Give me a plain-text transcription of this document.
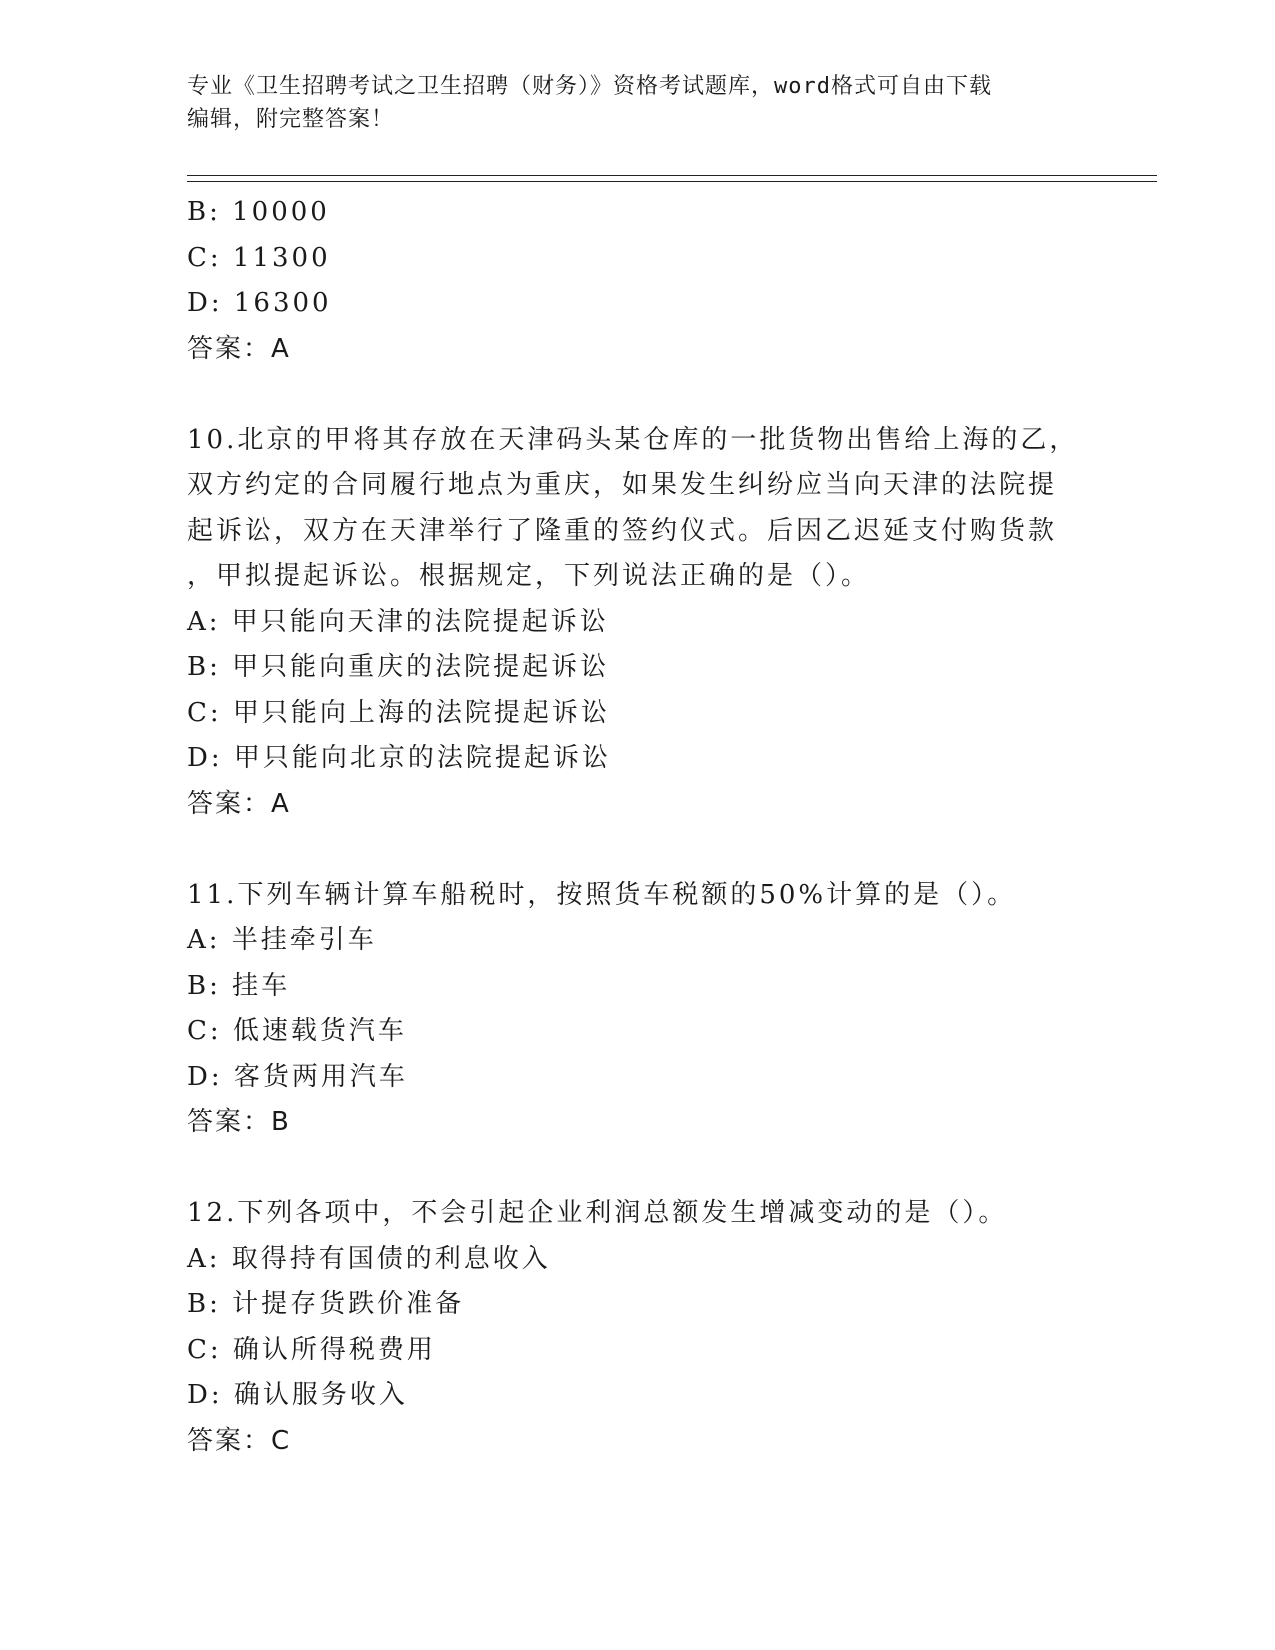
专业《卫生招聘考试之卫生招聘（财务）》资格考试题库，word格式可自由下载
编辑，附完整答案！
B: 10000
C: 11300
D: 16300
答案：A
10.北京的甲将其存放在天津码头某仓库的一批货物出售给上海的乙，
双方约定的合同履行地点为重庆，如果发生纠纷应当向天津的法院提
起诉讼，双方在天津举行了隆重的签约仪式。后因乙迟延支付购货款
，甲拟提起诉讼。根据规定，下列说法正确的是（）。
A: 甲只能向天津的法院提起诉讼
B: 甲只能向重庆的法院提起诉讼
C: 甲只能向上海的法院提起诉讼
D: 甲只能向北京的法院提起诉讼
答案：A
11.下列车辆计算车船税时，按照货车税额的50%计算的是（）。
A: 半挂牵引车
B: 挂车
C: 低速载货汽车
D: 客货两用汽车
答案：B
12.下列各项中，不会引起企业利润总额发生增减变动的是（）。
A: 取得持有国债的利息收入
B: 计提存货跌价准备
C: 确认所得税费用
D: 确认服务收入
答案：C
